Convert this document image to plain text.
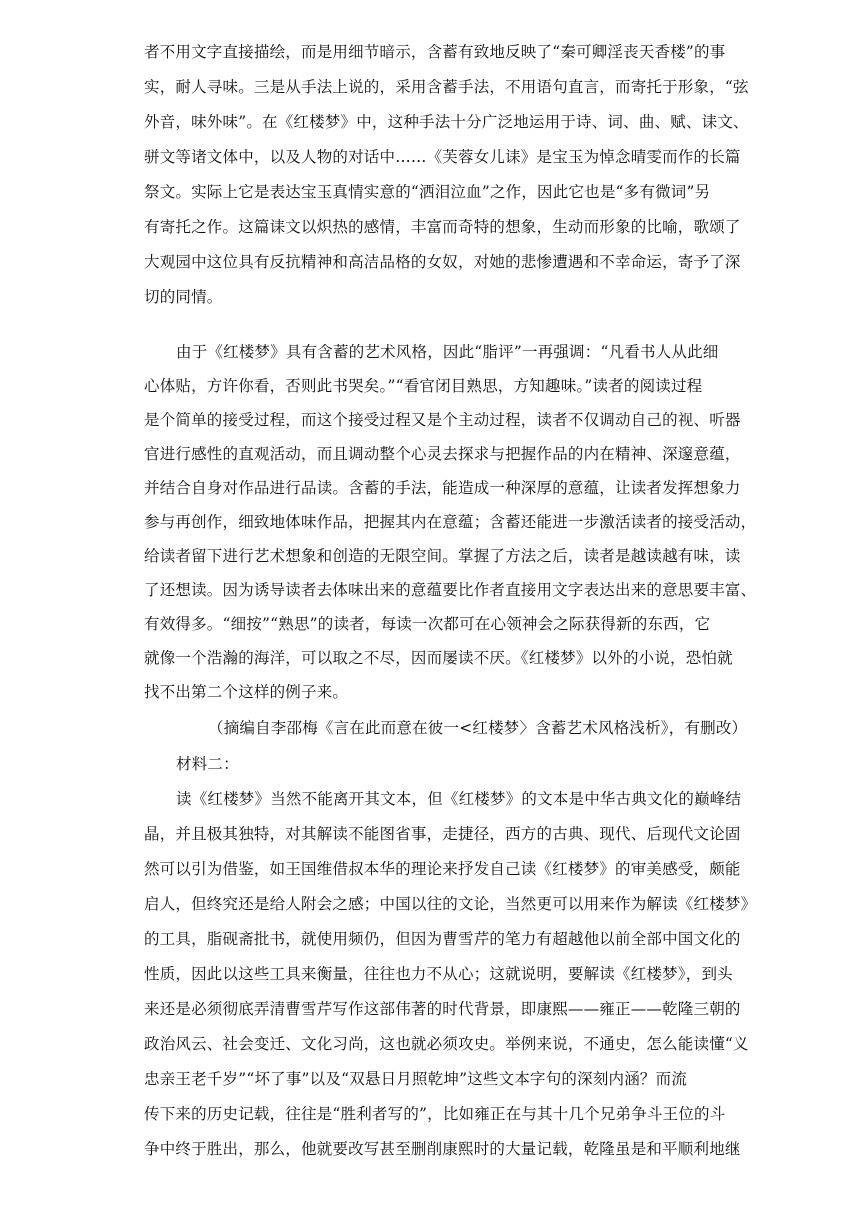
者不用文字直接描绘，而是用细节暗示，含蓄有致地反映了“秦可卿淫丧天香楼”的事
实，耐人寻味。三是从手法上说的，采用含蓄手法，不用语句直言，而寄托于形象，“弦
外音，味外味”。在《红楼梦》中，这种手法十分广泛地运用于诗、词、曲、赋、诔文、
骈文等诸文体中，以及人物的对话中……《芙蓉女儿诔》是宝玉为悼念晴雯而作的长篇
祭文。实际上它是表达宝玉真情实意的“洒泪泣血”之作，因此它也是“多有微词”另
有寄托之作。这篇诔文以炽热的感情，丰富而奇特的想象，生动而形象的比喻，歌颂了
大观园中这位具有反抗精神和高洁品格的女奴，对她的悲惨遭遇和不幸命运，寄予了深
切的同情。
由于《红楼梦》具有含蓄的艺术风格，因此“脂评”一再强调：“凡看书人从此细
心体贴，方许你看，否则此书哭矣。”“看官闭目熟思，方知趣味。”读者的阅读过程
是个简单的接受过程，而这个接受过程又是个主动过程，读者不仅调动自己的视、听器
官进行感性的直观活动，而且调动整个心灵去探求与把握作品的内在精神、深邃意蕴，
并结合自身对作品进行品读。含蓄的手法，能造成一种深厚的意蕴，让读者发挥想象力
参与再创作，细致地体味作品，把握其内在意蕴；含蓄还能进一步激活读者的接受活动，
给读者留下进行艺术想象和创造的无限空间。掌握了方法之后，读者是越读越有味，读
了还想读。因为诱导读者去体味出来的意蕴要比作者直接用文字表达出来的意思要丰富、
有效得多。“细按”“熟思”的读者，每读一次都可在心领神会之际获得新的东西，它
就像一个浩瀚的海洋，可以取之不尽，因而屡读不厌。《红楼梦》以外的小说，恐怕就
找不出第二个这样的例子来。
（摘编自李邵梅《言在此而意在彼一<红楼梦〉含蓄艺术风格浅析》，有删改）
材料二：
读《红楼梦》当然不能离开其文本，但《红楼梦》的文本是中华古典文化的巅峰结
晶，并且极其独特，对其解读不能图省事，走捷径，西方的古典、现代、后现代文论固
然可以引为借鉴，如王国维借叔本华的理论来抒发自己读《红楼梦》的审美感受，颇能
启人，但终究还是给人附会之感；中国以往的文论，当然更可以用来作为解读《红楼梦》
的工具，脂砚斋批书，就使用频仍，但因为曹雪芹的笔力有超越他以前全部中国文化的
性质，因此以这些工具来衡量，往往也力不从心；这就说明，要解读《红楼梦》，到头
来还是必须彻底弄清曹雪芹写作这部伟著的时代背景，即康熙——雍正——乾隆三朝的
政治风云、社会变迁、文化习尚，这也就必须攻史。举例来说，不通史，怎么能读懂“义
忠亲王老千岁”“坏了事”以及“双悬日月照乾坤”这些文本字句的深刻内涵？而流
传下来的历史记载，往往是“胜利者写的”，比如雍正在与其十几个兄弟争斗王位的斗
争中终于胜出，那么，他就要改写甚至删削康熙时的大量记载，乾隆虽是和平顺利地继
